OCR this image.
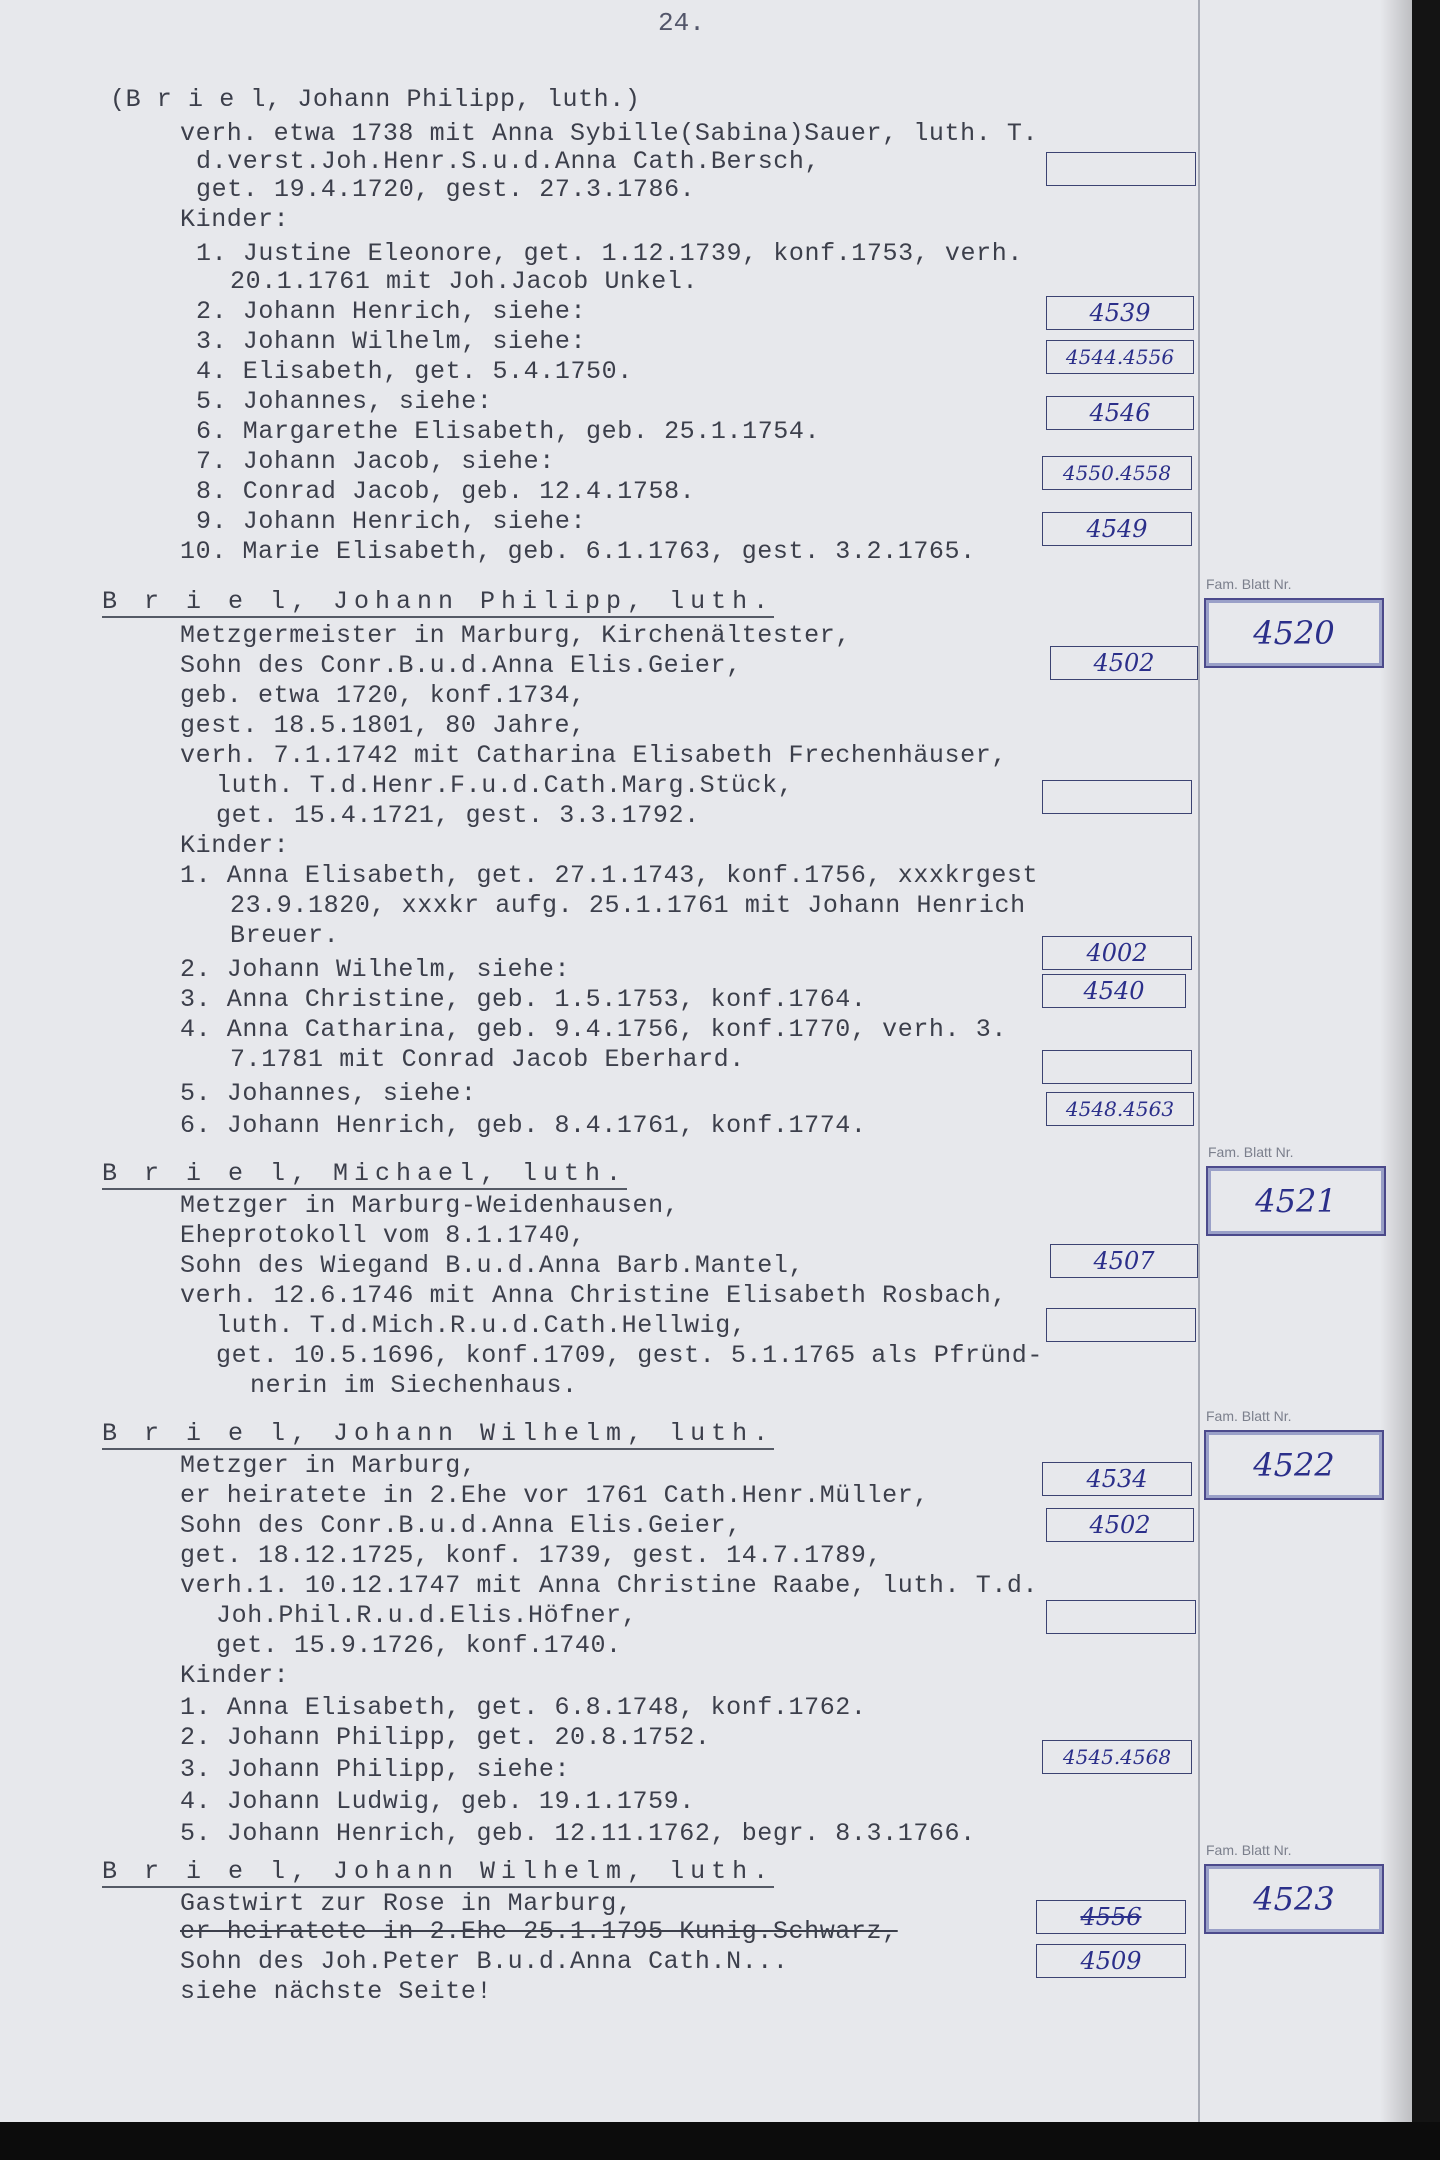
24.
(B r i e l, Johann Philipp, luth.)
verh. etwa 1738 mit Anna Sybille(Sabina)Sauer, luth. T.
d.verst.Joh.Henr.S.u.d.Anna Cath.Bersch,
get. 19.4.1720, gest. 27.3.1786.
Kinder:
1. Justine Eleonore, get. 1.12.1739, konf.1753, verh.
20.1.1761 mit Joh.Jacob Unkel.
2. Johann Henrich, siehe:
3. Johann Wilhelm, siehe:
4. Elisabeth, get. 5.4.1750.
5. Johannes, siehe:
6. Margarethe Elisabeth, geb. 25.1.1754.
7. Johann Jacob, siehe:
8. Conrad Jacob, geb. 12.4.1758.
9. Johann Henrich, siehe:
10. Marie Elisabeth, geb. 6.1.1763, gest. 3.2.1765.
B r i e l, Johann Philipp, luth.
Metzgermeister in Marburg, Kirchenältester,
Sohn des Conr.B.u.d.Anna Elis.Geier,
geb. etwa 1720, konf.1734,
gest. 18.5.1801, 80 Jahre,
verh. 7.1.1742 mit Catharina Elisabeth Frechenhäuser,
luth. T.d.Henr.F.u.d.Cath.Marg.Stück,
get. 15.4.1721, gest. 3.3.1792.
Kinder:
1. Anna Elisabeth, get. 27.1.1743, konf.1756, xxxkrgest
23.9.1820, xxxkr aufg. 25.1.1761 mit Johann Henrich
Breuer.
2. Johann Wilhelm, siehe:
3. Anna Christine, geb. 1.5.1753, konf.1764.
4. Anna Catharina, geb. 9.4.1756, konf.1770, verh. 3.
7.1781 mit Conrad Jacob Eberhard.
5. Johannes, siehe:
6. Johann Henrich, geb. 8.4.1761, konf.1774.
B r i e l, Michael, luth.
Metzger in Marburg-Weidenhausen,
Eheprotokoll vom 8.1.1740,
Sohn des Wiegand B.u.d.Anna Barb.Mantel,
verh. 12.6.1746 mit Anna Christine Elisabeth Rosbach,
luth. T.d.Mich.R.u.d.Cath.Hellwig,
get. 10.5.1696, konf.1709, gest. 5.1.1765 als Pfründ-
nerin im Siechenhaus.
B r i e l, Johann Wilhelm, luth.
Metzger in Marburg,
er heiratete in 2.Ehe vor 1761 Cath.Henr.Müller,
Sohn des Conr.B.u.d.Anna Elis.Geier,
get. 18.12.1725, konf. 1739, gest. 14.7.1789,
verh.1. 10.12.1747 mit Anna Christine Raabe, luth. T.d.
Joh.Phil.R.u.d.Elis.Höfner,
get. 15.9.1726, konf.1740.
Kinder:
1. Anna Elisabeth, get. 6.8.1748, konf.1762.
2. Johann Philipp, get. 20.8.1752.
3. Johann Philipp, siehe:
4. Johann Ludwig, geb. 19.1.1759.
5. Johann Henrich, geb. 12.11.1762, begr. 8.3.1766.
B r i e l, Johann Wilhelm, luth.
Gastwirt zur Rose in Marburg,
er heiratete in 2.Ehe 25.1.1795 Kunig.Schwarz,
Sohn des Joh.Peter B.u.d.Anna Cath.N...
siehe nächste Seite!
4539
4544.4556
4546
4550.4558
4549
4502
4002
4540
4548.4563
4507
4534
4502
4545.4568
4556
4509
Fam. Blatt Nr.
4520
Fam. Blatt Nr.
4521
Fam. Blatt Nr.
4522
Fam. Blatt Nr.
4523
